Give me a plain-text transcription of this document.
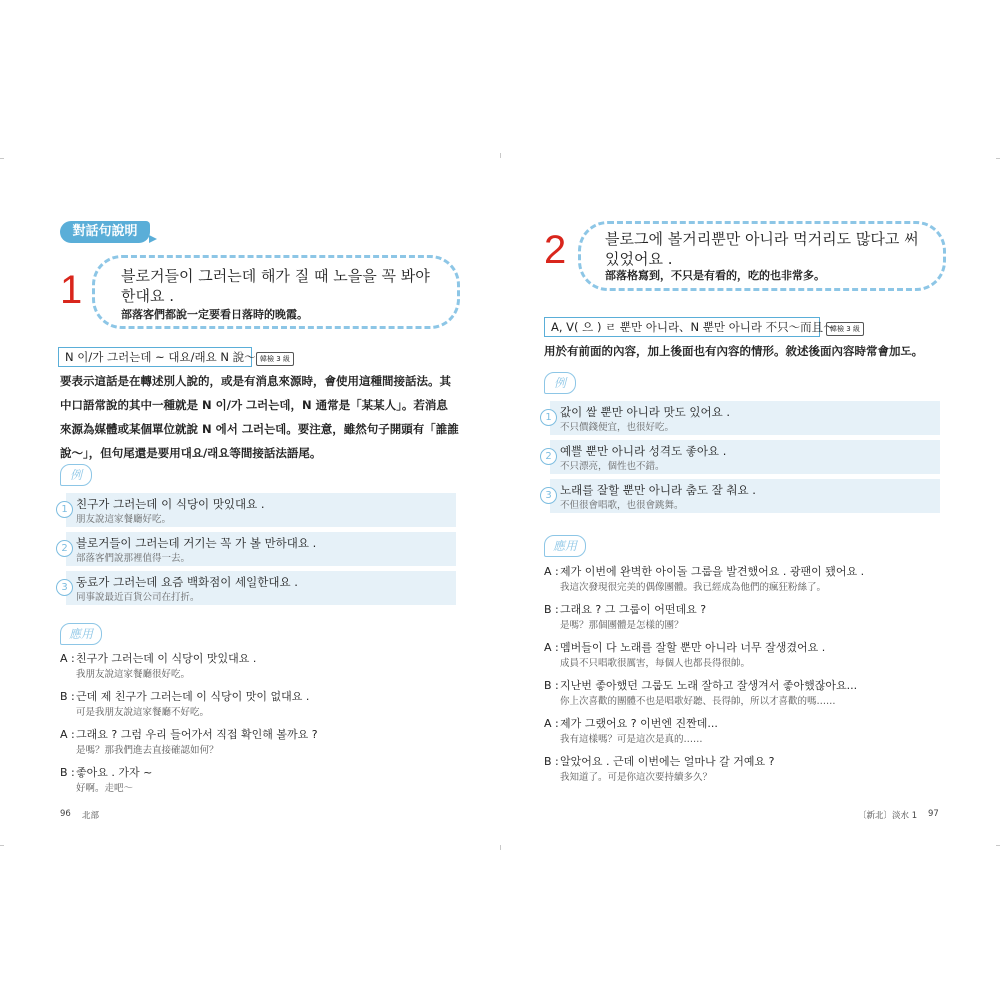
對話句說明
1	블로거들이 그러는데 해가 질 때 노을을 꼭 봐야
한대요 .
部落客們都說一定要看日落時的晚霞。
N 이/가 그러는데 ~ 대요/래요 N 說〜 韓檢 3 級
要表示這話是在轉述別人說的，或是有消息來源時，會使用這種間接話法。其
中口語常說的其中一種就是 N 이/가 그러는데，N 通常是「某某人」。若消息
來源為媒體或某個單位就說 N 에서 그러는데。要注意，雖然句子開頭有「誰誰
說〜」，但句尾還是要用대요/래요等間接話法語尾。
例
1 친구가 그러는데 이 식당이 맛있대요 .
朋友說這家餐廳好吃。
2 블로거들이 그러는데 거기는 꼭 가 볼 만하대요 .
部落客們說那裡值得一去。
3 동료가 그러는데 요즘 백화점이 세일한대요 .
同事說最近百貨公司在打折。
應用
A : 친구가 그러는데 이 식당이 맛있대요 .
我朋友說這家餐廳很好吃。
B : 근데 제 친구가 그러는데 이 식당이 맛이 없대요 .
可是我朋友說這家餐廳不好吃。
A : 그래요 ? 그럼 우리 들어가서 직접 확인해 볼까요 ?
是嗎？那我們進去直接確認如何？
B : 좋아요 . 가자 ~
好啊。走吧〜
96 北部
2	블로그에 볼거리뿐만 아니라 먹거리도 많다고 써
있었어요 .
部落格寫到，不只是有看的，吃的也非常多。
A, V( 으 ) ㄹ 뿐만 아니라、N 뿐만 아니라 不只〜而且〜
韓檢 3 級
用於有前面的內容，加上後面也有內容的情形。敘述後面內容時常會加도。
例
1 값이 쌀 뿐만 아니라 맛도 있어요 .
不只價錢便宜，也很好吃。
2 예쁠 뿐만 아니라 성격도 좋아요 .
不只漂亮，個性也不錯。
3 노래를 잘할 뿐만 아니라 춤도 잘 춰요 .
不但很會唱歌，也很會跳舞。
應用
A : 제가 이번에 완벽한 아이돌 그룹을 발견했어요 . 광팬이 됐어요 .
我這次發現很完美的偶像團體。我已經成為他們的瘋狂粉絲了。
B : 그래요 ? 그 그룹이 어떤데요 ?
是嗎？那個團體是怎樣的團？
A : 멤버들이 다 노래를 잘할 뿐만 아니라 너무 잘생겼어요 .
成員不只唱歌很厲害，每個人也都長得很帥。
B : 지난번 좋아했던 그룹도 노래 잘하고 잘생겨서 좋아했잖아요...
你上次喜歡的團體不也是唱歌好聽、長得帥，所以才喜歡的嗎……
A : 제가 그랬어요 ? 이번엔 진짠데...
我有這樣嗎？可是這次是真的……
B : 알았어요 . 근데 이번에는 얼마나 갈 거예요 ?
我知道了。可是你這次要持續多久？
〔新北〕淡水 1 97
